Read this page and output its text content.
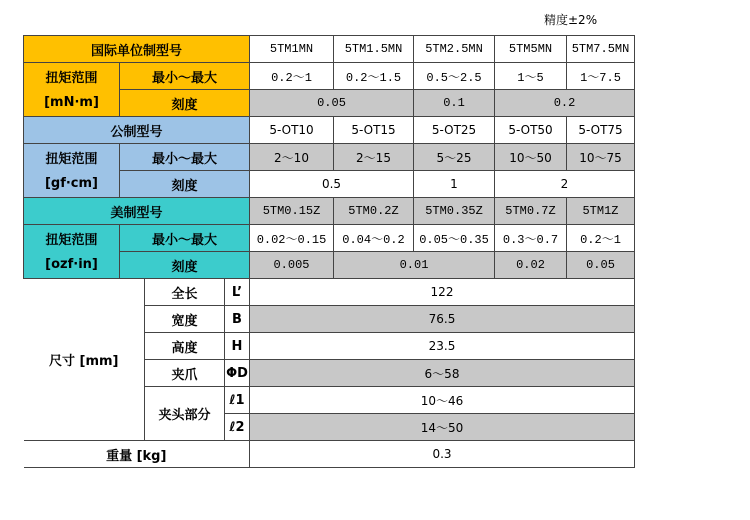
精度±2%
国际单位制型号				5TM1MN	5TM1.5MN	5TM2.5MN	5TM5MN	5TM7.5MN
扭矩范围	最小～最大			0.2～1	0.2～1.5	0.5～2.5	1～5	1～7.5
[mN·m]	刻度			0.05		0.1	0.2	
公制型号				5-OT10	5-OT15	5-OT25	5-OT50	5-OT75
扭矩范围	最小～最大			2～10	2～15	5～25	10～50	10～75
[gf·cm]	刻度			0.5		1	2	
美制型号				5TM0.15Z	5TM0.2Z	5TM0.35Z	5TM0.7Z	5TM1Z
扭矩范围	最小～最大			0.02～0.15	0.04～0.2	0.05～0.35	0.3～0.7	0.2～1
[ozf·in]	刻度			0.005	0.01		0.02	0.05
尺寸 [mm]		全长	L’	122				
		宽度	B	76.5				
		高度	H	23.5				
		夹爪	ΦD	6～58				
		夹头部分	ℓ1	10～46				
			ℓ2	14～50				
重量 [kg]				0.3				
